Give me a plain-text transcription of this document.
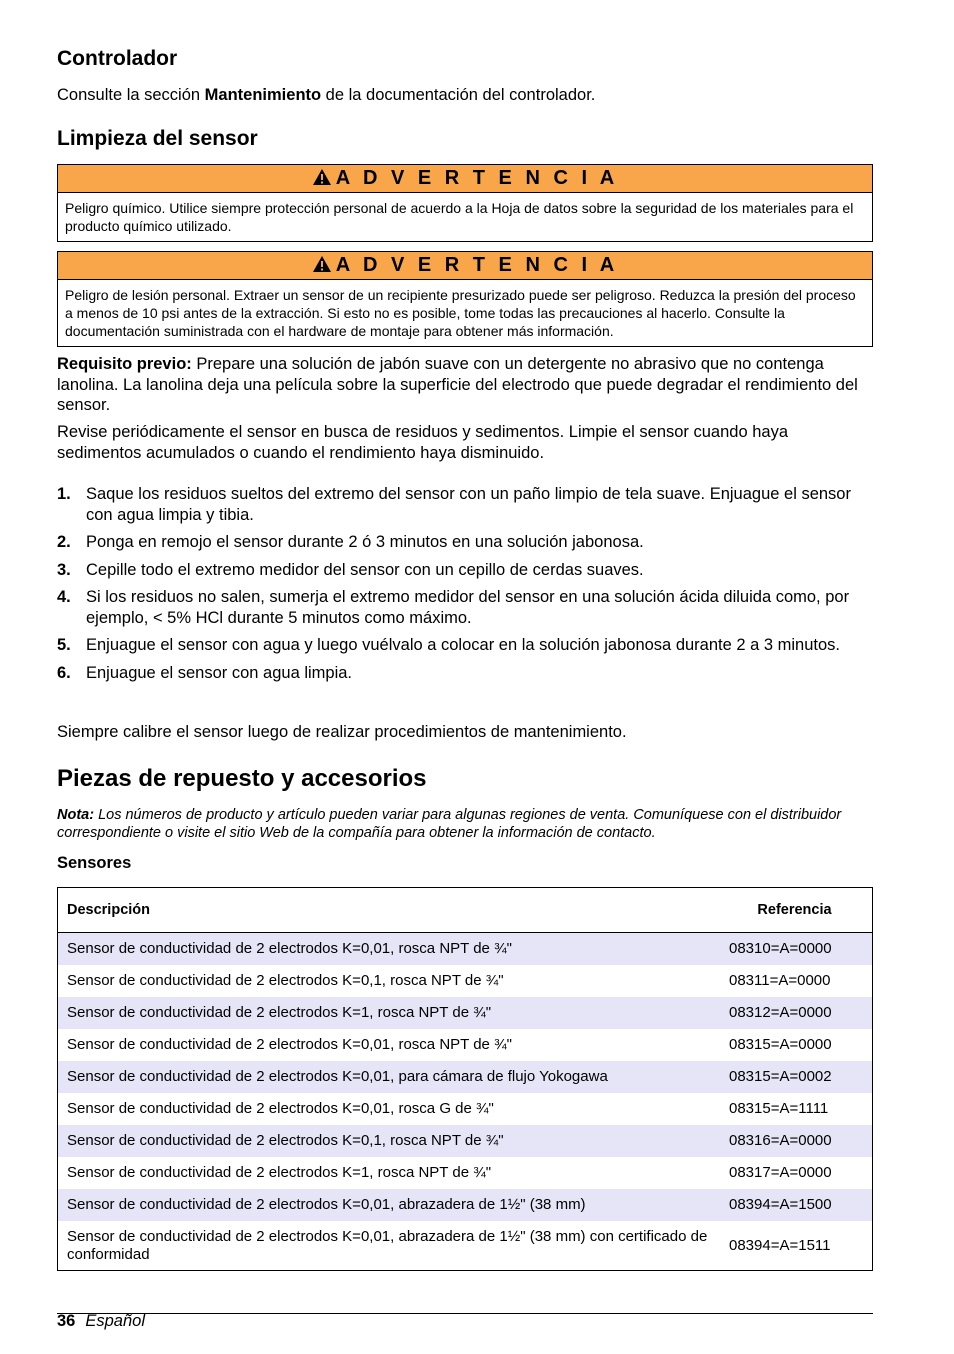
Controlador

Consulte la sección Mantenimiento de la documentación del controlador.

Limpieza del sensor
A D V E R T E N C I A
Peligro químico. Utilice siempre protección personal de acuerdo a la Hoja de datos sobre la seguridad de los materiales para el producto químico utilizado.
A D V E R T E N C I A
Peligro de lesión personal. Extraer un sensor de un recipiente presurizado puede ser peligroso. Reduzca la presión del proceso a menos de 10 psi antes de la extracción. Si esto no es posible, tome todas las precauciones al hacerlo. Consulte la documentación suministrada con el hardware de montaje para obtener más información.

Requisito previo: Prepare una solución de jabón suave con un detergente no abrasivo que no contenga lanolina. La lanolina deja una película sobre la superficie del electrodo que puede degradar el rendimiento del sensor.

Revise periódicamente el sensor en busca de residuos y sedimentos. Limpie el sensor cuando haya sedimentos acumulados o cuando el rendimiento haya disminuido.

1. Saque los residuos sueltos del extremo del sensor con un paño limpio de tela suave. Enjuague el sensor con agua limpia y tibia.
2. Ponga en remojo el sensor durante 2 ó 3 minutos en una solución jabonosa.
3. Cepille todo el extremo medidor del sensor con un cepillo de cerdas suaves.
4. Si los residuos no salen, sumerja el extremo medidor del sensor en una solución ácida diluida como, por ejemplo, < 5% HCl durante 5 minutos como máximo.
5. Enjuague el sensor con agua y luego vuélvalo a colocar en la solución jabonosa durante 2 a 3 minutos.
6. Enjuague el sensor con agua limpia.

Siempre calibre el sensor luego de realizar procedimientos de mantenimiento.

Piezas de repuesto y accesorios
Nota: Los números de producto y artículo pueden variar para algunas regiones de venta. Comuníquese con el distribuidor correspondiente o visite el sitio Web de la compañía para obtener la información de contacto.
Sensores
Descripción	Referencia
Sensor de conductividad de 2 electrodos K=0,01, rosca NPT de ¾"	08310=A=0000
Sensor de conductividad de 2 electrodos K=0,1, rosca NPT de ¾"	08311=A=0000
Sensor de conductividad de 2 electrodos K=1, rosca NPT de ¾"	08312=A=0000
Sensor de conductividad de 2 electrodos K=0,01, rosca NPT de ¾"	08315=A=0000
Sensor de conductividad de 2 electrodos K=0,01, para cámara de flujo Yokogawa	08315=A=0002
Sensor de conductividad de 2 electrodos K=0,01, rosca G de ¾"	08315=A=1111
Sensor de conductividad de 2 electrodos K=0,1, rosca NPT de ¾"	08316=A=0000
Sensor de conductividad de 2 electrodos K=1, rosca NPT de ¾"	08317=A=0000
Sensor de conductividad de 2 electrodos K=0,01, abrazadera de 1½" (38 mm)	08394=A=1500
Sensor de conductividad de 2 electrodos K=0,01, abrazadera de 1½" (38 mm) con certificado de conformidad	08394=A=1511
36 Español
